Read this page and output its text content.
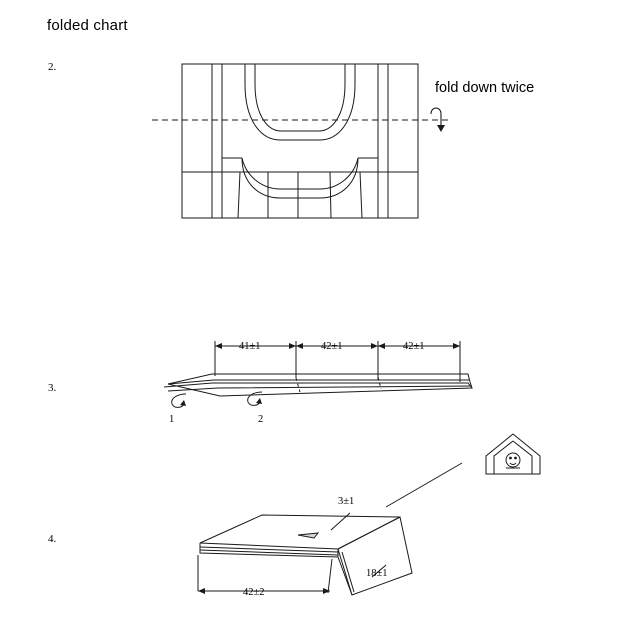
folded chart
2.
3.
4.
fold down twice
41±1	42±1	42±1
1	2
3±1
18±1
42±2
